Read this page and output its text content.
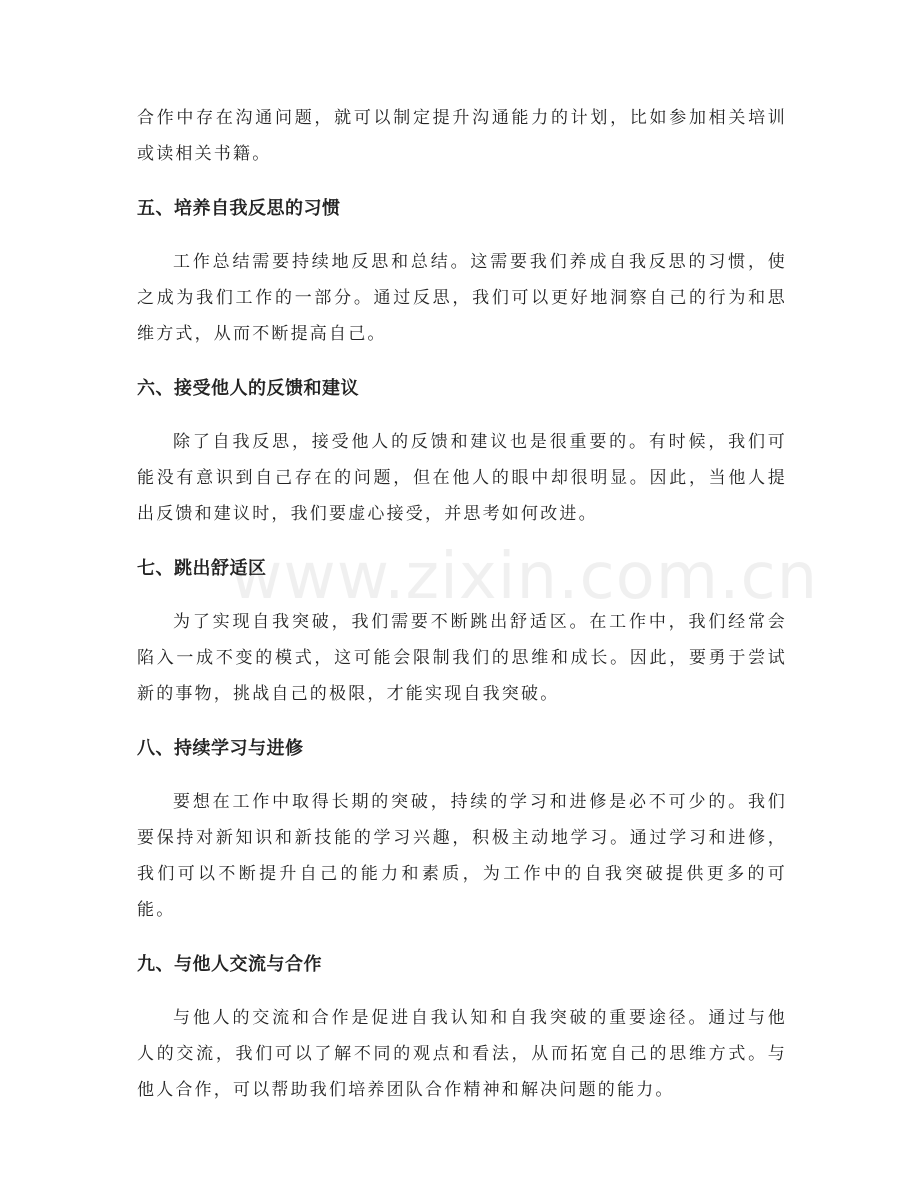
合作中存在沟通问题，就可以制定提升沟通能力的计划，比如参加相关培训或读相关书籍。

五、培养自我反思的习惯

工作总结需要持续地反思和总结。这需要我们养成自我反思的习惯，使之成为我们工作的一部分。通过反思，我们可以更好地洞察自己的行为和思维方式，从而不断提高自己。

六、接受他人的反馈和建议

除了自我反思，接受他人的反馈和建议也是很重要的。有时候，我们可能没有意识到自己存在的问题，但在他人的眼中却很明显。因此，当他人提出反馈和建议时，我们要虚心接受，并思考如何改进。

七、跳出舒适区

为了实现自我突破，我们需要不断跳出舒适区。在工作中，我们经常会陷入一成不变的模式，这可能会限制我们的思维和成长。因此，要勇于尝试新的事物，挑战自己的极限，才能实现自我突破。

八、持续学习与进修

要想在工作中取得长期的突破，持续的学习和进修是必不可少的。我们要保持对新知识和新技能的学习兴趣，积极主动地学习。通过学习和进修，我们可以不断提升自己的能力和素质，为工作中的自我突破提供更多的可能。

九、与他人交流与合作

与他人的交流和合作是促进自我认知和自我突破的重要途径。通过与他人的交流，我们可以了解不同的观点和看法，从而拓宽自己的思维方式。与他人合作，可以帮助我们培养团队合作精神和解决问题的能力。

www.zixin.com.cn
